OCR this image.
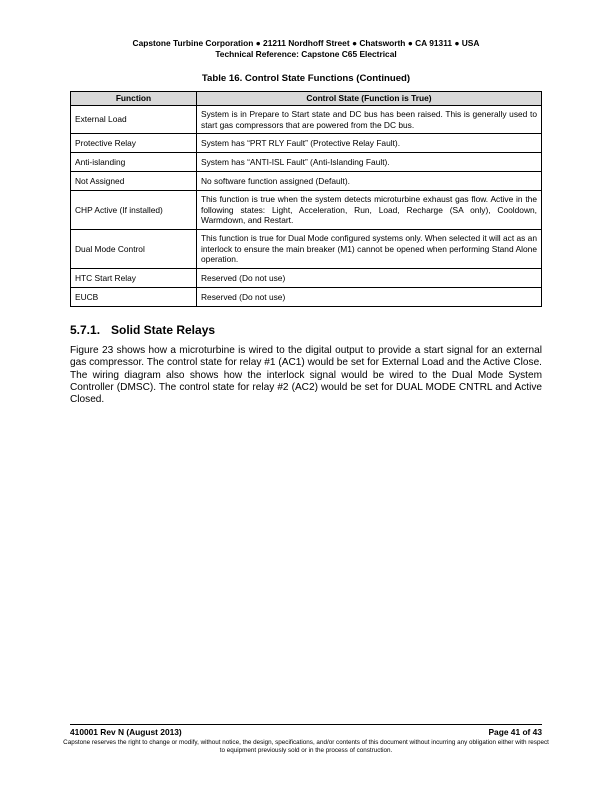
Capstone Turbine Corporation ● 21211 Nordhoff Street ● Chatsworth ● CA 91311 ● USA
Technical Reference: Capstone C65 Electrical
Table 16. Control State Functions (Continued)
Function	Control State (Function is True)
External Load	System is in Prepare to Start state and DC bus has been raised. This is generally used to start gas compressors that are powered from the DC bus.
Protective Relay	System has “PRT RLY Fault” (Protective Relay Fault).
Anti-islanding	System has “ANTI-ISL Fault” (Anti-Islanding Fault).
Not Assigned	No software function assigned (Default).
CHP Active (If installed)	This function is true when the system detects microturbine exhaust gas flow. Active in the following states: Light, Acceleration, Run, Load, Recharge (SA only), Cooldown, Warmdown, and Restart.
Dual Mode Control	This function is true for Dual Mode configured systems only. When selected it will act as an interlock to ensure the main breaker (M1) cannot be opened when performing Stand Alone operation.
HTC Start Relay	Reserved (Do not use)
EUCB	Reserved (Do not use)
5.7.1. Solid State Relays

Figure 23 shows how a microturbine is wired to the digital output to provide a start signal for an external gas compressor. The control state for relay #1 (AC1) would be set for External Load and the Active Close. The wiring diagram also shows how the interlock signal would be wired to the Dual Mode System Controller (DMSC). The control state for relay #2 (AC2) would be set for DUAL MODE CNTRL and Active Closed.

410001 Rev N (August 2013)	Page 41 of 43
Capstone reserves the right to change or modify, without notice, the design, specifications, and/or contents of this document without incurring any obligation either with respect to equipment previously sold or in the process of construction.
